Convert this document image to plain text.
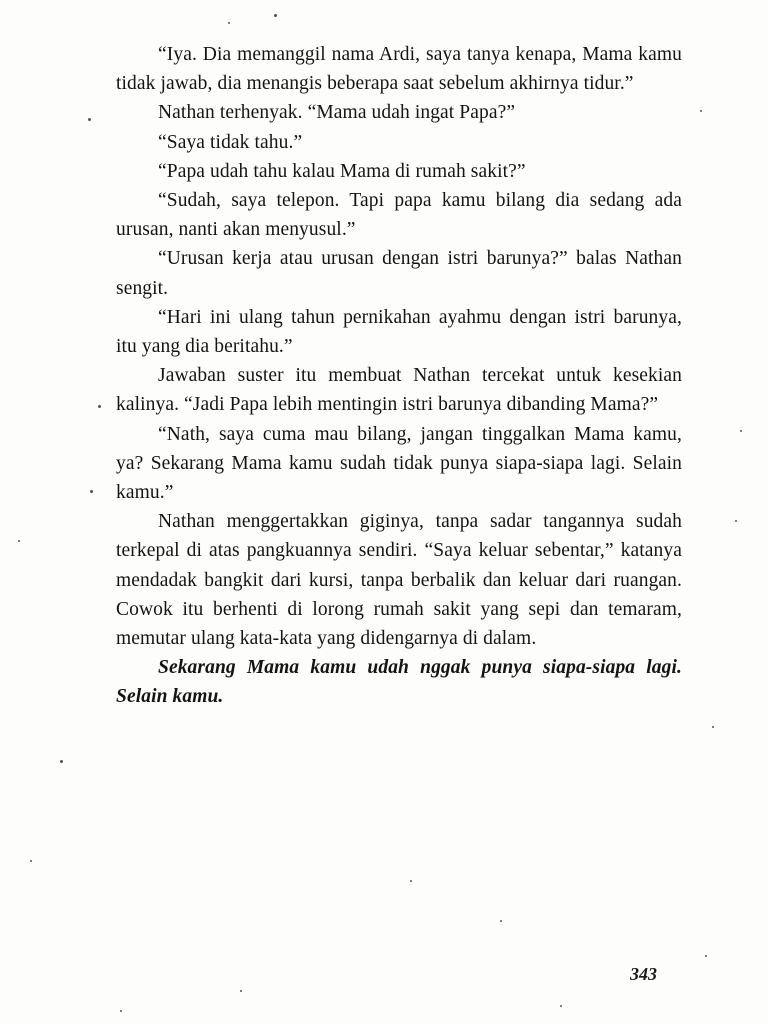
“Iya. Dia memanggil nama Ardi, saya tanya kenapa, Mama kamu tidak jawab, dia menangis beberapa saat sebelum akhirnya tidur.”

Nathan terhenyak. “Mama udah ingat Papa?”

“Saya tidak tahu.”

“Papa udah tahu kalau Mama di rumah sakit?”

“Sudah, saya telepon. Tapi papa kamu bilang dia sedang ada urusan, nanti akan menyusul.”

“Urusan kerja atau urusan dengan istri barunya?” balas Nathan sengit.

“Hari ini ulang tahun pernikahan ayahmu dengan istri barunya, itu yang dia beritahu.”

Jawaban suster itu membuat Nathan tercekat untuk kesekian kalinya. “Jadi Papa lebih mentingin istri barunya dibanding Mama?”

“Nath, saya cuma mau bilang, jangan tinggalkan Mama kamu, ya? Sekarang Mama kamu sudah tidak punya siapa-siapa lagi. Selain kamu.”

Nathan menggertakkan giginya, tanpa sadar tangannya sudah terkepal di atas pangkuannya sendiri. “Saya keluar sebentar,” katanya mendadak bangkit dari kursi, tanpa berbalik dan keluar dari ruangan. Cowok itu berhenti di lorong rumah sakit yang sepi dan temaram, memutar ulang kata-kata yang didengarnya di dalam.

Sekarang Mama kamu udah nggak punya siapa-siapa lagi. Selain kamu.

343
